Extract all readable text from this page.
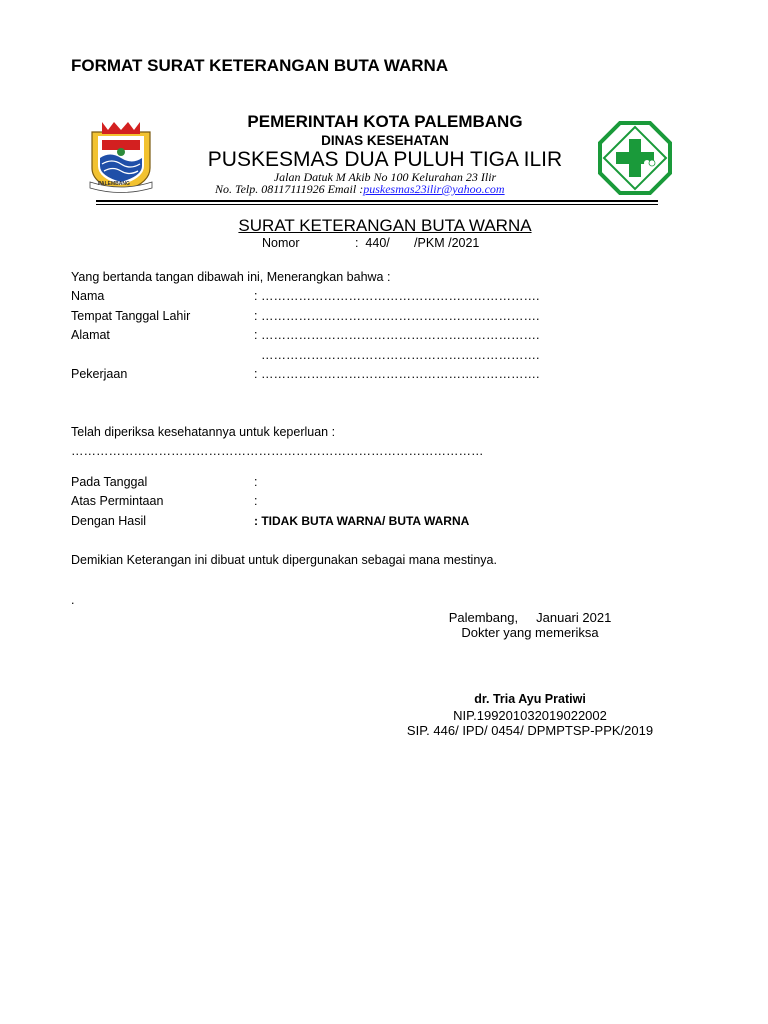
FORMAT SURAT KETERANGAN BUTA WARNA
PALEMBANG
PEMERINTAH KOTA PALEMBANG
DINAS KESEHATAN
PUSKESMAS DUA PULUH TIGA ILIR
Jalan Datuk M Akib No 100 Kelurahan 23 Ilir
No. Telp. 08117111926 Email :puskesmas23ilir@yahoo.com
SURAT KETERANGAN BUTA WARNA
Nomor	:  440/       /PKM /2021
Yang bertanda tangan dibawah ini, Menerangkan bahwa :
Nama	: ………………………………………………………….
Tempat Tanggal Lahir	: ………………………………………………………….
Alamat	: ………………………………………………………….
………………………………………………………….
Pekerjaan	: ………………………………………………………….
Telah diperiksa kesehatannya untuk keperluan :
………………………………………………………………………………………
Pada Tanggal	:
Atas Permintaan	:
Dengan Hasil	: TIDAK BUTA WARNA/ BUTA WARNA
Demikian Keterangan ini dibuat untuk dipergunakan sebagai mana mestinya.
.
Palembang,     Januari 2021
Dokter yang memeriksa
dr. Tria Ayu Pratiwi
NIP.199201032019022002
SIP. 446/ IPD/ 0454/ DPMPTSP-PPK/2019
